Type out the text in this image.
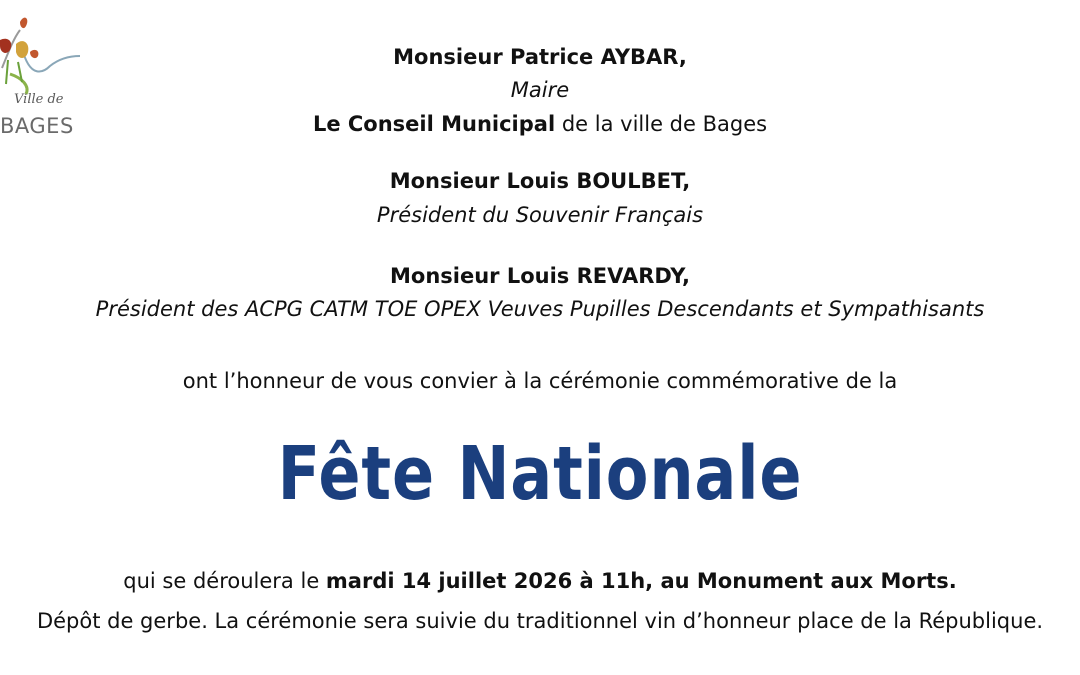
Ville de
BAGES
Monsieur Patrice AYBAR,
Maire
Le Conseil Municipal de la ville de Bages
Monsieur Louis BOULBET,
Président du Souvenir Français
Monsieur Louis REVARDY,
Président des ACPG CATM TOE OPEX Veuves Pupilles Descendants et Sympathisants
ont l’honneur de vous convier à la cérémonie commémorative de la
Fête Nationale
qui se déroulera le mardi 14 juillet 2026 à 11h, au Monument aux Morts.
Dépôt de gerbe. La cérémonie sera suivie du traditionnel vin d’honneur place de la République.
